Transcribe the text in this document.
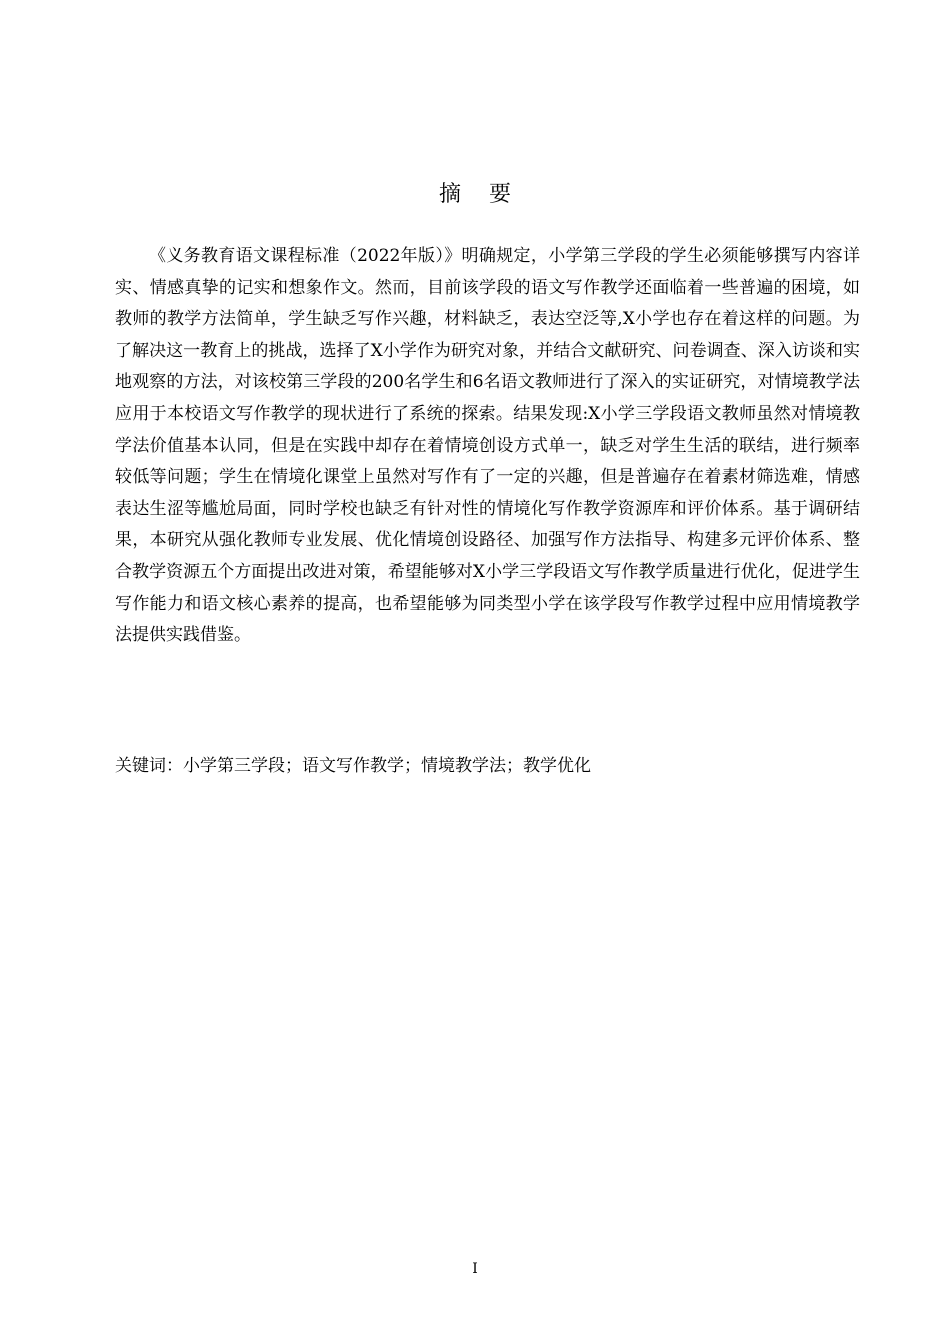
摘要

《义务教育语文课程标准（2022年版）》明确规定，小学第三学段的学生必须能够撰写内容详实、情感真挚的记实和想象作文。然而，目前该学段的语文写作教学还面临着一些普遍的困境，如教师的教学方法简单，学生缺乏写作兴趣，材料缺乏，表达空泛等,X小学也存在着这样的问题。为了解决这一教育上的挑战，选择了X小学作为研究对象，并结合文献研究、问卷调查、深入访谈和实地观察的方法，对该校第三学段的200名学生和6名语文教师进行了深入的实证研究，对情境教学法应用于本校语文写作教学的现状进行了系统的探索。结果发现:X小学三学段语文教师虽然对情境教学法价值基本认同，但是在实践中却存在着情境创设方式单一，缺乏对学生生活的联结，进行频率较低等问题；学生在情境化课堂上虽然对写作有了一定的兴趣，但是普遍存在着素材筛选难，情感表达生涩等尴尬局面，同时学校也缺乏有针对性的情境化写作教学资源库和评价体系。基于调研结果，本研究从强化教师专业发展、优化情境创设路径、加强写作方法指导、构建多元评价体系、整合教学资源五个方面提出改进对策，希望能够对X小学三学段语文写作教学质量进行优化，促进学生写作能力和语文核心素养的提高，也希望能够为同类型小学在该学段写作教学过程中应用情境教学法提供实践借鉴。

关键词：小学第三学段；语文写作教学；情境教学法；教学优化
I
